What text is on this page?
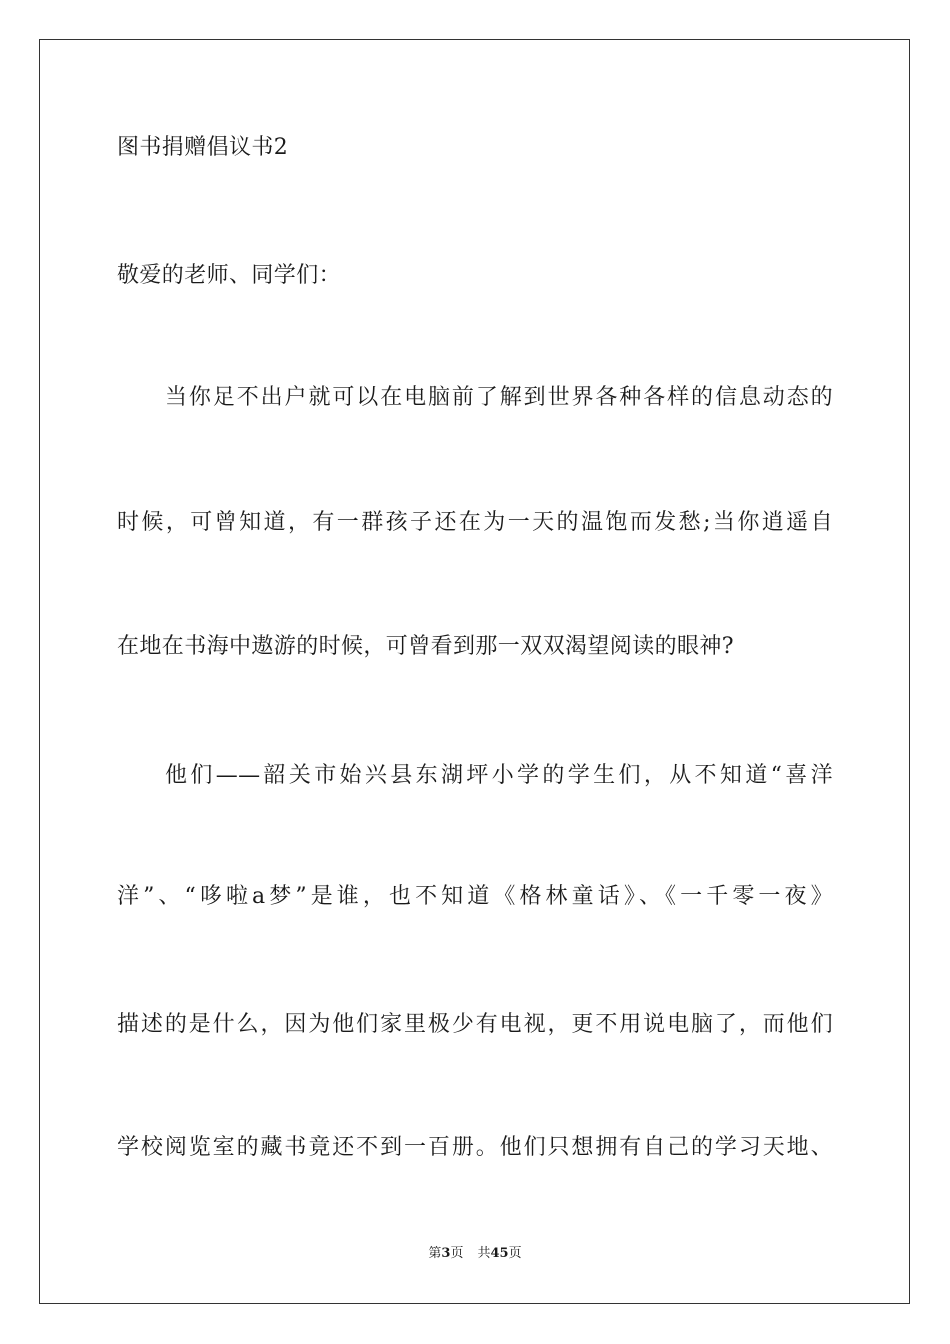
图书捐赠倡议书2
敬爱的老师、同学们：
当你足不出户就可以在电脑前了解到世界各种各样的信息动态的
时候，可曾知道，有一群孩子还在为一天的温饱而发愁;当你逍遥自
在地在书海中遨游的时候，可曾看到那一双双渴望阅读的眼神?
他们——韶关市始兴县东湖坪小学的学生们，从不知道“喜洋
洋”、“哆啦a梦”是谁，也不知道《格林童话》、《一千零一夜》
描述的是什么，因为他们家里极少有电视，更不用说电脑了，而他们
学校阅览室的藏书竟还不到一百册。他们只想拥有自己的学习天地、
第3页 共45页
